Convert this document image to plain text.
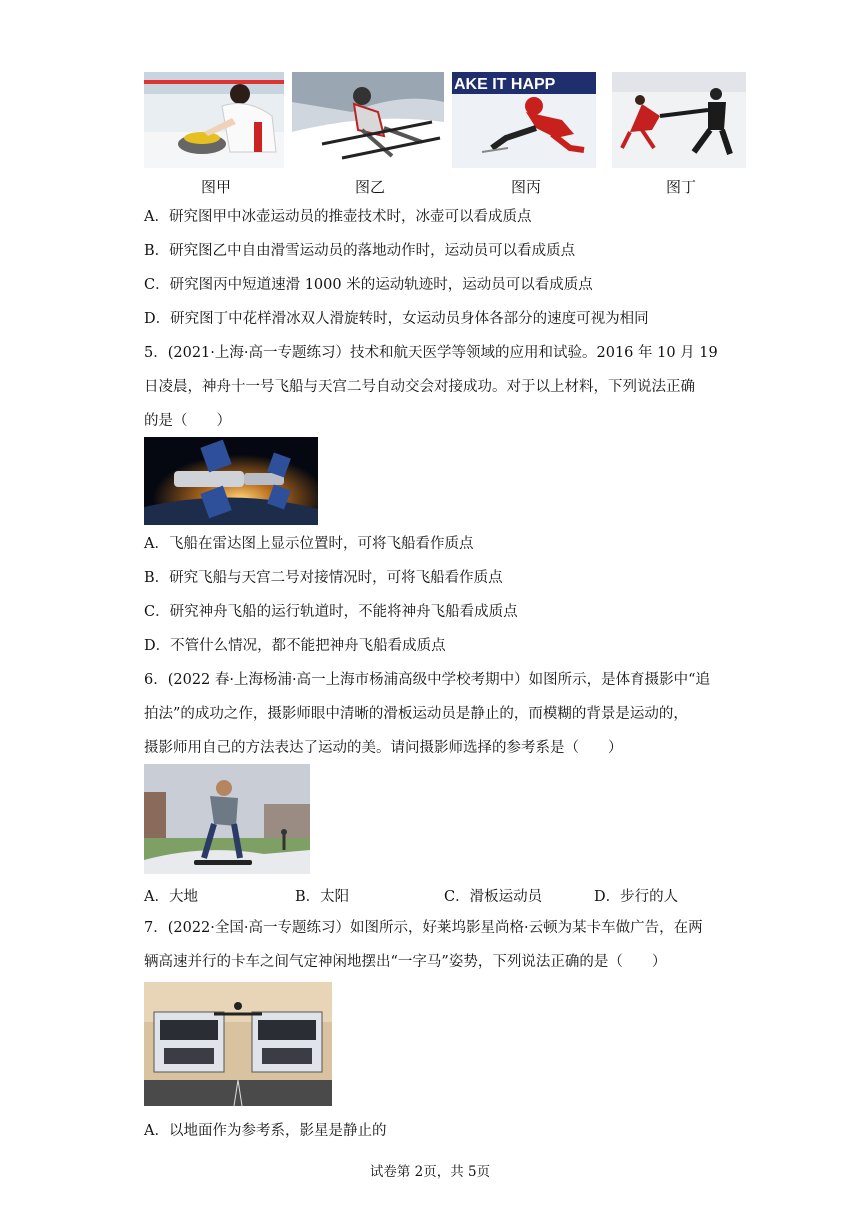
AKE IT HAPP
图甲	图乙	图丙	图丁
A．研究图甲中冰壶运动员的推壶技术时，冰壶可以看成质点
B．研究图乙中自由滑雪运动员的落地动作时，运动员可以看成质点
C．研究图丙中短道速滑 1000 米的运动轨迹时，运动员可以看成质点
D．研究图丁中花样滑冰双人滑旋转时，女运动员身体各部分的速度可视为相同
5．(2021·上海·高一专题练习）技术和航天医学等领域的应用和试验。2016 年 10 月 19
日凌晨，神舟十一号飞船与天宫二号自动交会对接成功。对于以上材料，下列说法正确
的是（　　）
A．飞船在雷达图上显示位置时，可将飞船看作质点
B．研究飞船与天宫二号对接情况时，可将飞船看作质点
C．研究神舟飞船的运行轨道时，不能将神舟飞船看成质点
D．不管什么情况，都不能把神舟飞船看成质点
6．(2022 春·上海杨浦·高一上海市杨浦高级中学校考期中）如图所示，是体育摄影中“追
拍法”的成功之作，摄影师眼中清晰的滑板运动员是静止的，而模糊的背景是运动的，
摄影师用自己的方法表达了运动的美。请问摄影师选择的参考系是（　　）
A．大地	B．太阳	C．滑板运动员	D．步行的人
7．(2022·全国·高一专题练习）如图所示，好莱坞影星尚格·云顿为某卡车做广告，在两
辆高速并行的卡车之间气定神闲地摆出“一字马”姿势，下列说法正确的是（　　）
A．以地面作为参考系，影星是静止的
试卷第 2页，共 5页
